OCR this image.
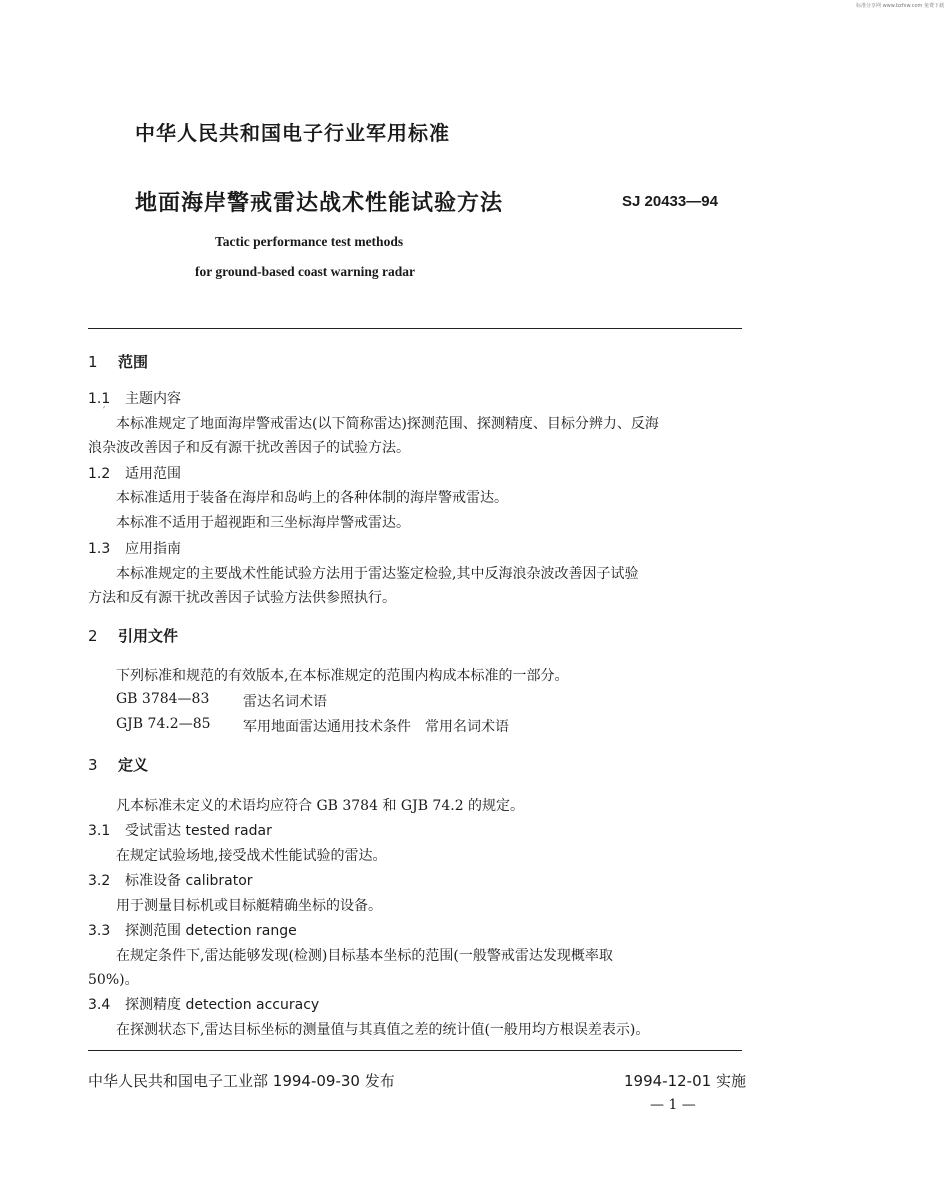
标准分享网 www.bzfxw.com 免费下载
中华人民共和国电子行业军用标准
地面海岸警戒雷达战术性能试验方法	SJ 20433—94
Tactic performance test methods
for ground-based coast warning radar
1 范围
1.1 主题内容
′
本标准规定了地面海岸警戒雷达(以下简称雷达)探测范围、探测精度、目标分辨力、反海
浪杂波改善因子和反有源干扰改善因子的试验方法。
1.2 适用范围
本标准适用于装备在海岸和岛屿上的各种体制的海岸警戒雷达。
本标准不适用于超视距和三坐标海岸警戒雷达。
1.3 应用指南
本标准规定的主要战术性能试验方法用于雷达鉴定检验,其中反海浪杂波改善因子试验
方法和反有源干扰改善因子试验方法供参照执行。
2 引用文件
下列标准和规范的有效版本,在本标准规定的范围内构成本标准的一部分。
GB 3784—83 雷达名词术语
GJB 74.2—85 军用地面雷达通用技术条件　常用名词术语
3 定义
凡本标准未定义的术语均应符合 GB 3784 和 GJB 74.2 的规定。
3.1 受试雷达 tested radar
在规定试验场地,接受战术性能试验的雷达。
3.2 标准设备 calibrator
用于测量目标机或目标艇精确坐标的设备。
3.3 探测范围 detection range
在规定条件下,雷达能够发现(检测)目标基本坐标的范围(一般警戒雷达发现概率取
50%)。
3.4 探测精度 detection accuracy
在探测状态下,雷达目标坐标的测量值与其真值之差的统计值(一般用均方根误差表示)。
中华人民共和国电子工业部 1994-09-30 发布	1994-12-01 实施
— 1 —
